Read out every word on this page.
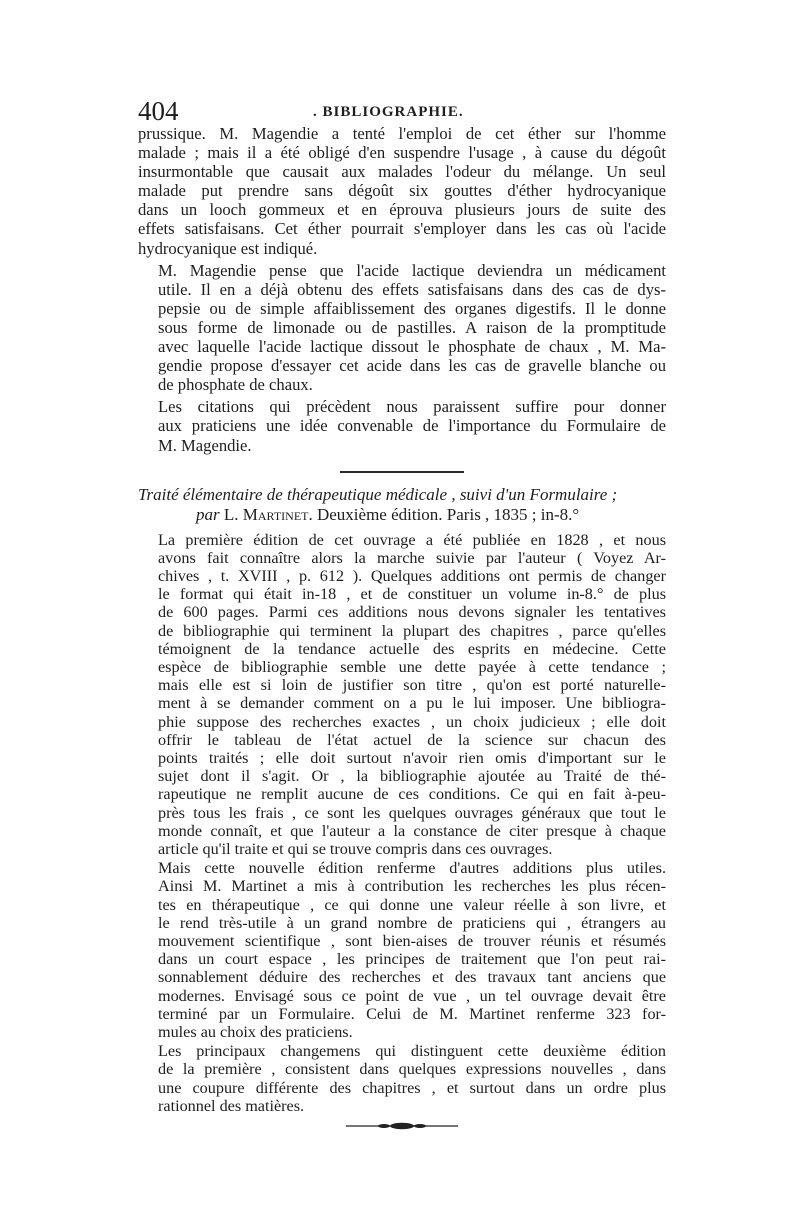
404	. BIBLIOGRAPHIE.

prussique. M. Magendie a tenté l'emploi de cet éther sur l'homme
malade ; mais il a été obligé d'en suspendre l'usage , à cause du dégoût
insurmontable que causait aux malades l'odeur du mélange. Un seul
malade put prendre sans dégoût six gouttes d'éther hydrocyanique
dans un looch gommeux et en éprouva plusieurs jours de suite des
effets satisfaisans. Cet éther pourrait s'employer dans les cas où l'acide
hydrocyanique est indiqué.

M. Magendie pense que l'acide lactique deviendra un médicament
utile. Il en a déjà obtenu des effets satisfaisans dans des cas de dys-
pepsie ou de simple affaiblissement des organes digestifs. Il le donne
sous forme de limonade ou de pastilles. A raison de la promptitude
avec laquelle l'acide lactique dissout le phosphate de chaux , M. Ma-
gendie propose d'essayer cet acide dans les cas de gravelle blanche ou
de phosphate de chaux.

Les citations qui précèdent nous paraissent suffire pour donner
aux praticiens une idée convenable de l'importance du Formulaire de
M. Magendie.

Traité élémentaire de thérapeutique médicale , suivi d'un Formulaire ;
par L. Martinet. Deuxième édition. Paris , 1835 ; in-8.°

La première édition de cet ouvrage a été publiée en 1828 , et nous
avons fait connaître alors la marche suivie par l'auteur ( Voyez Ar-
chives , t. XVIII , p. 612 ). Quelques additions ont permis de changer
le format qui était in-18 , et de constituer un volume in-8.° de plus
de 600 pages. Parmi ces additions nous devons signaler les tentatives
de bibliographie qui terminent la plupart des chapitres , parce qu'elles
témoignent de la tendance actuelle des esprits en médecine. Cette
espèce de bibliographie semble une dette payée à cette tendance ;
mais elle est si loin de justifier son titre , qu'on est porté naturelle-
ment à se demander comment on a pu le lui imposer. Une bibliogra-
phie suppose des recherches exactes , un choix judicieux ; elle doit
offrir le tableau de l'état actuel de la science sur chacun des
points traités ; elle doit surtout n'avoir rien omis d'important sur le
sujet dont il s'agit. Or , la bibliographie ajoutée au Traité de thé-
rapeutique ne remplit aucune de ces conditions. Ce qui en fait à-peu-
près tous les frais , ce sont les quelques ouvrages généraux que tout le
monde connaît, et que l'auteur a la constance de citer presque à chaque
article qu'il traite et qui se trouve compris dans ces ouvrages.

Mais cette nouvelle édition renferme d'autres additions plus utiles.
Ainsi M. Martinet a mis à contribution les recherches les plus récen-
tes en thérapeutique , ce qui donne une valeur réelle à son livre, et
le rend très-utile à un grand nombre de praticiens qui , étrangers au
mouvement scientifique , sont bien-aises de trouver réunis et résumés
dans un court espace , les principes de traitement que l'on peut rai-
sonnablement déduire des recherches et des travaux tant anciens que
modernes. Envisagé sous ce point de vue , un tel ouvrage devait être
terminé par un Formulaire. Celui de M. Martinet renferme 323 for-
mules au choix des praticiens.

Les principaux changemens qui distinguent cette deuxième édition
de la première , consistent dans quelques expressions nouvelles , dans
une coupure différente des chapitres , et surtout dans un ordre plus
rationnel des matières.
